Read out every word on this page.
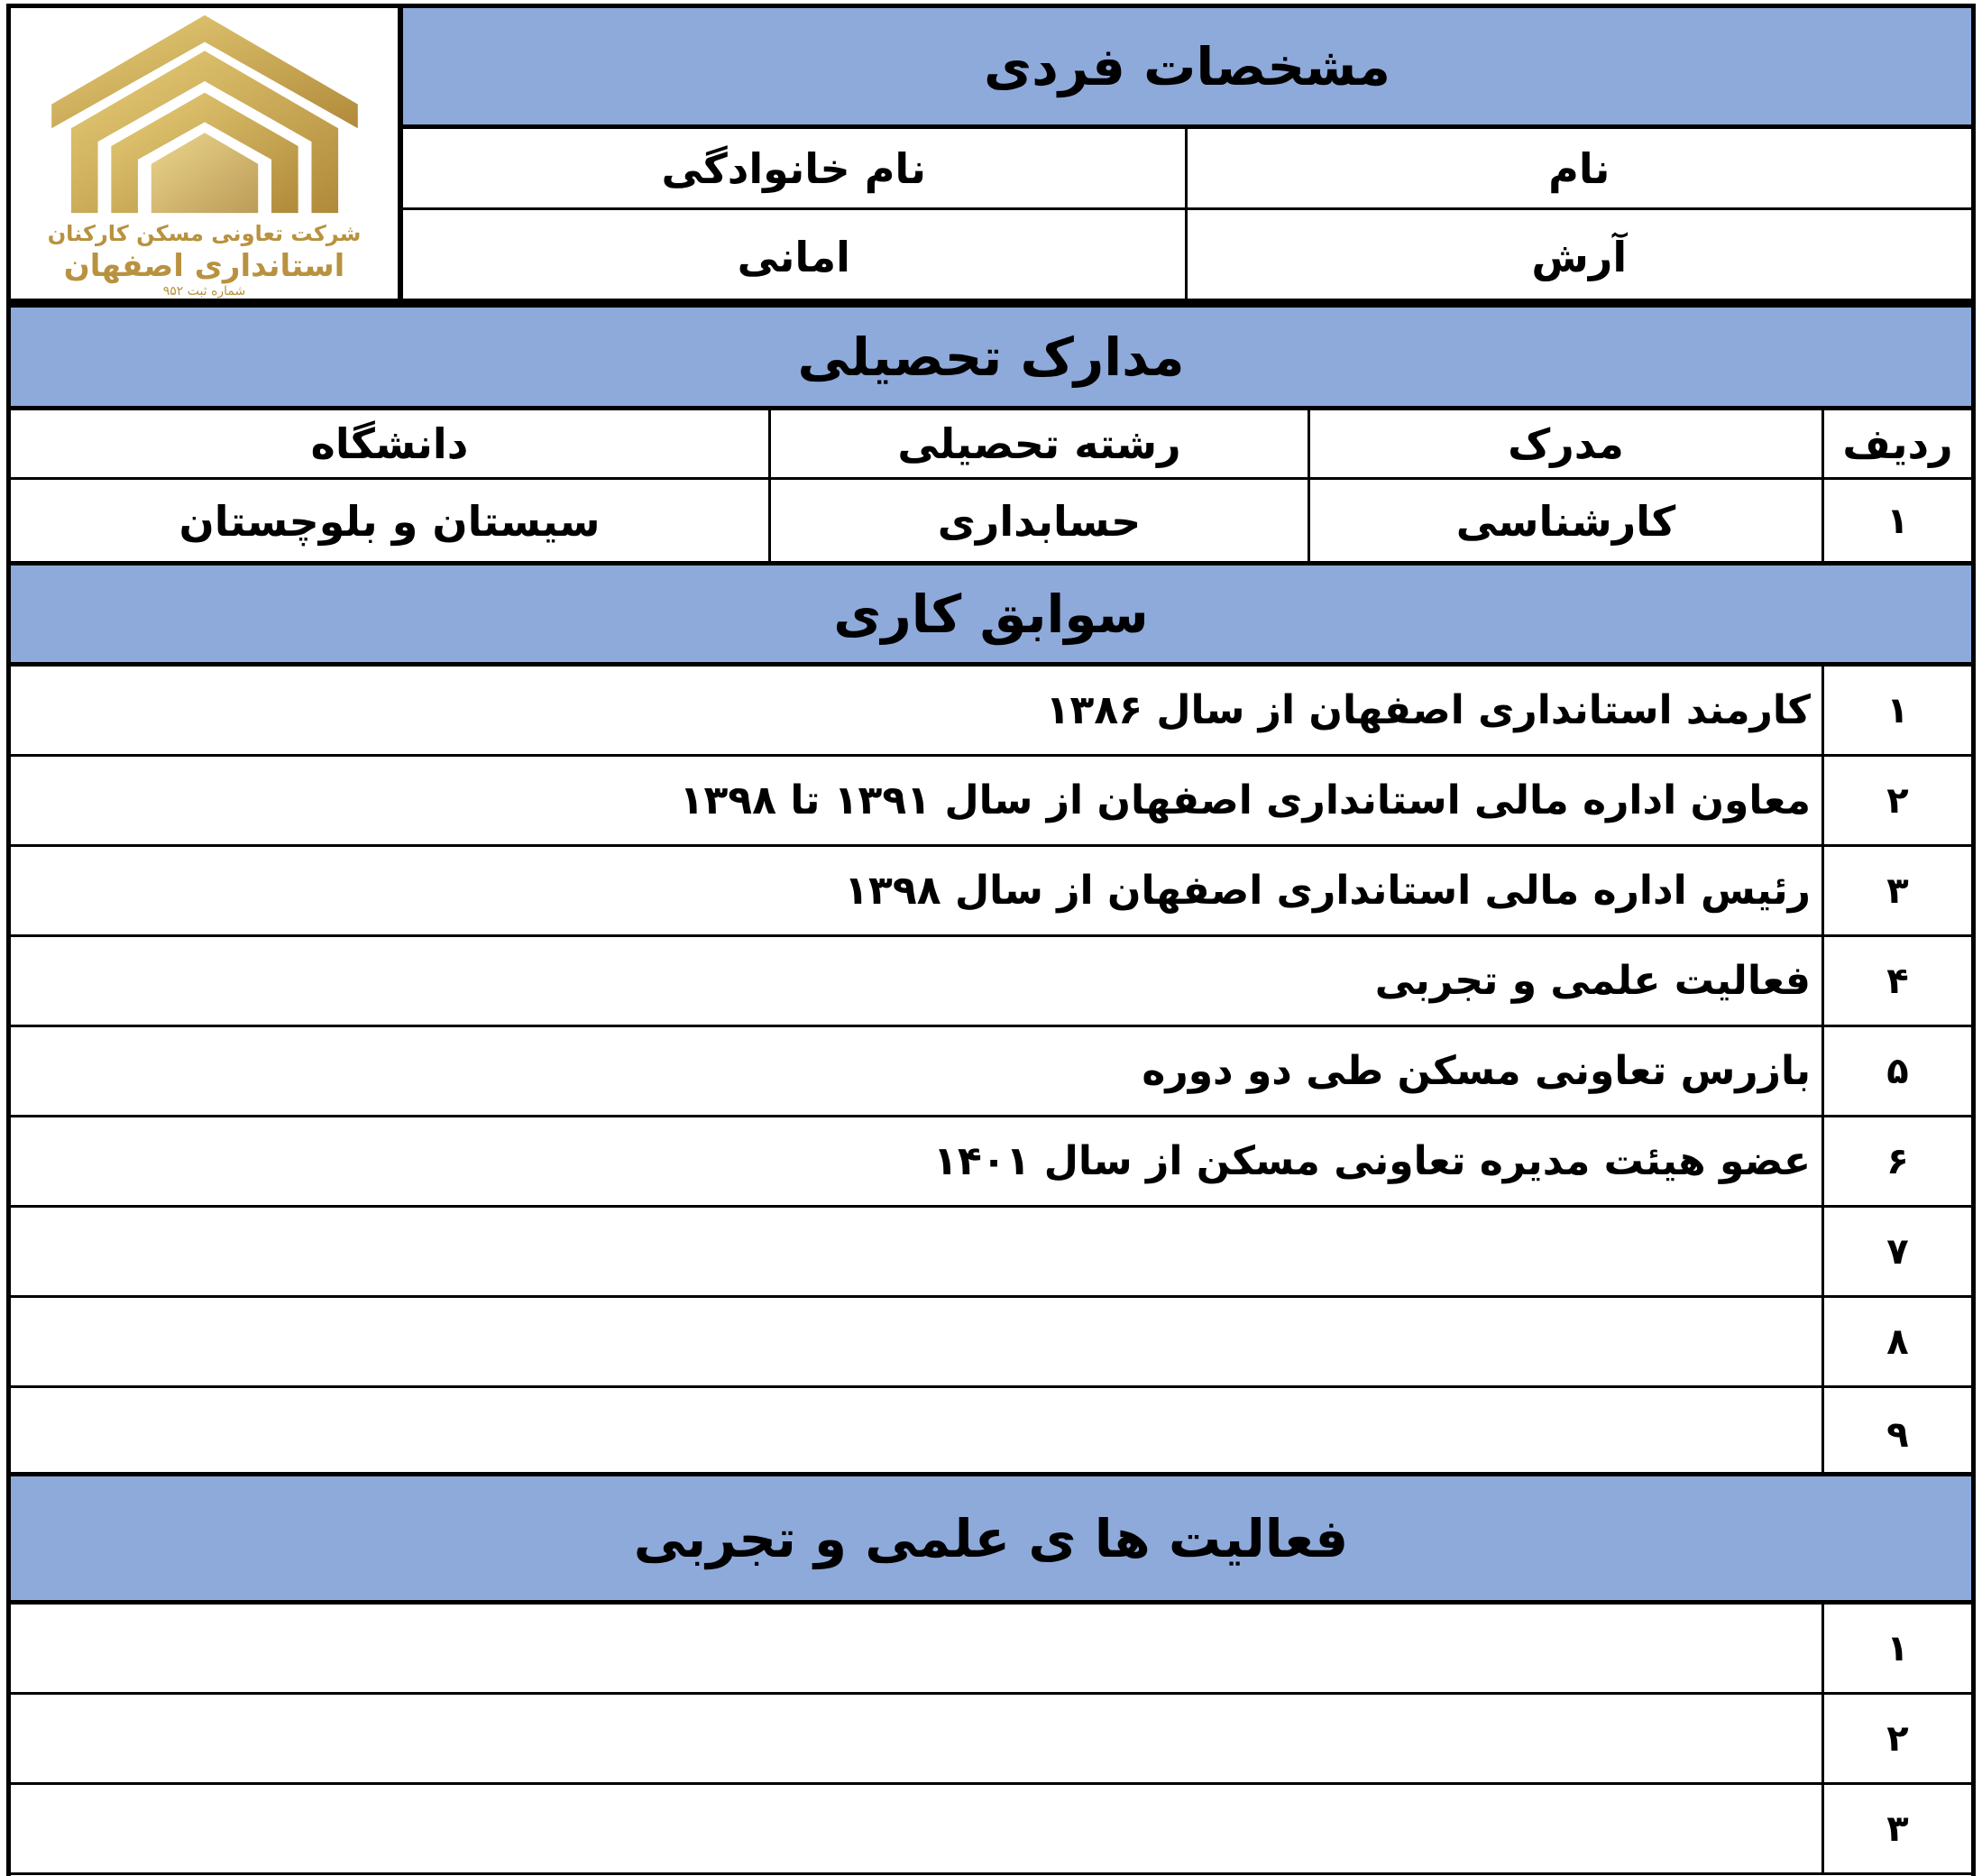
شرکت تعاونی مسکن کارکنان
استانداری اصفهان
شماره ثبت ۹۵۲
مشخصات فردی
نام
نام خانوادگی
آرش
امانی
مدارک تحصیلی
ردیف
مدرک
رشته تحصیلی
دانشگاه
۱
کارشناسی
حسابداری
سیستان و بلوچستان
سوابق کاری
۱
کارمند استانداری اصفهان از سال ۱۳۸۶
۲
معاون اداره مالی استانداری اصفهان از سال ۱۳۹۱ تا ۱۳۹۸
۳
رئیس اداره مالی استانداری اصفهان از سال ۱۳۹۸
۴
فعالیت علمی و تجربی
۵
بازرس تعاونی مسکن طی دو دوره
۶
عضو هیئت مدیره تعاونی مسکن از سال ۱۴۰۱
۷
۸
۹
فعالیت ها ی علمی و تجربی
۱
۲
۳
